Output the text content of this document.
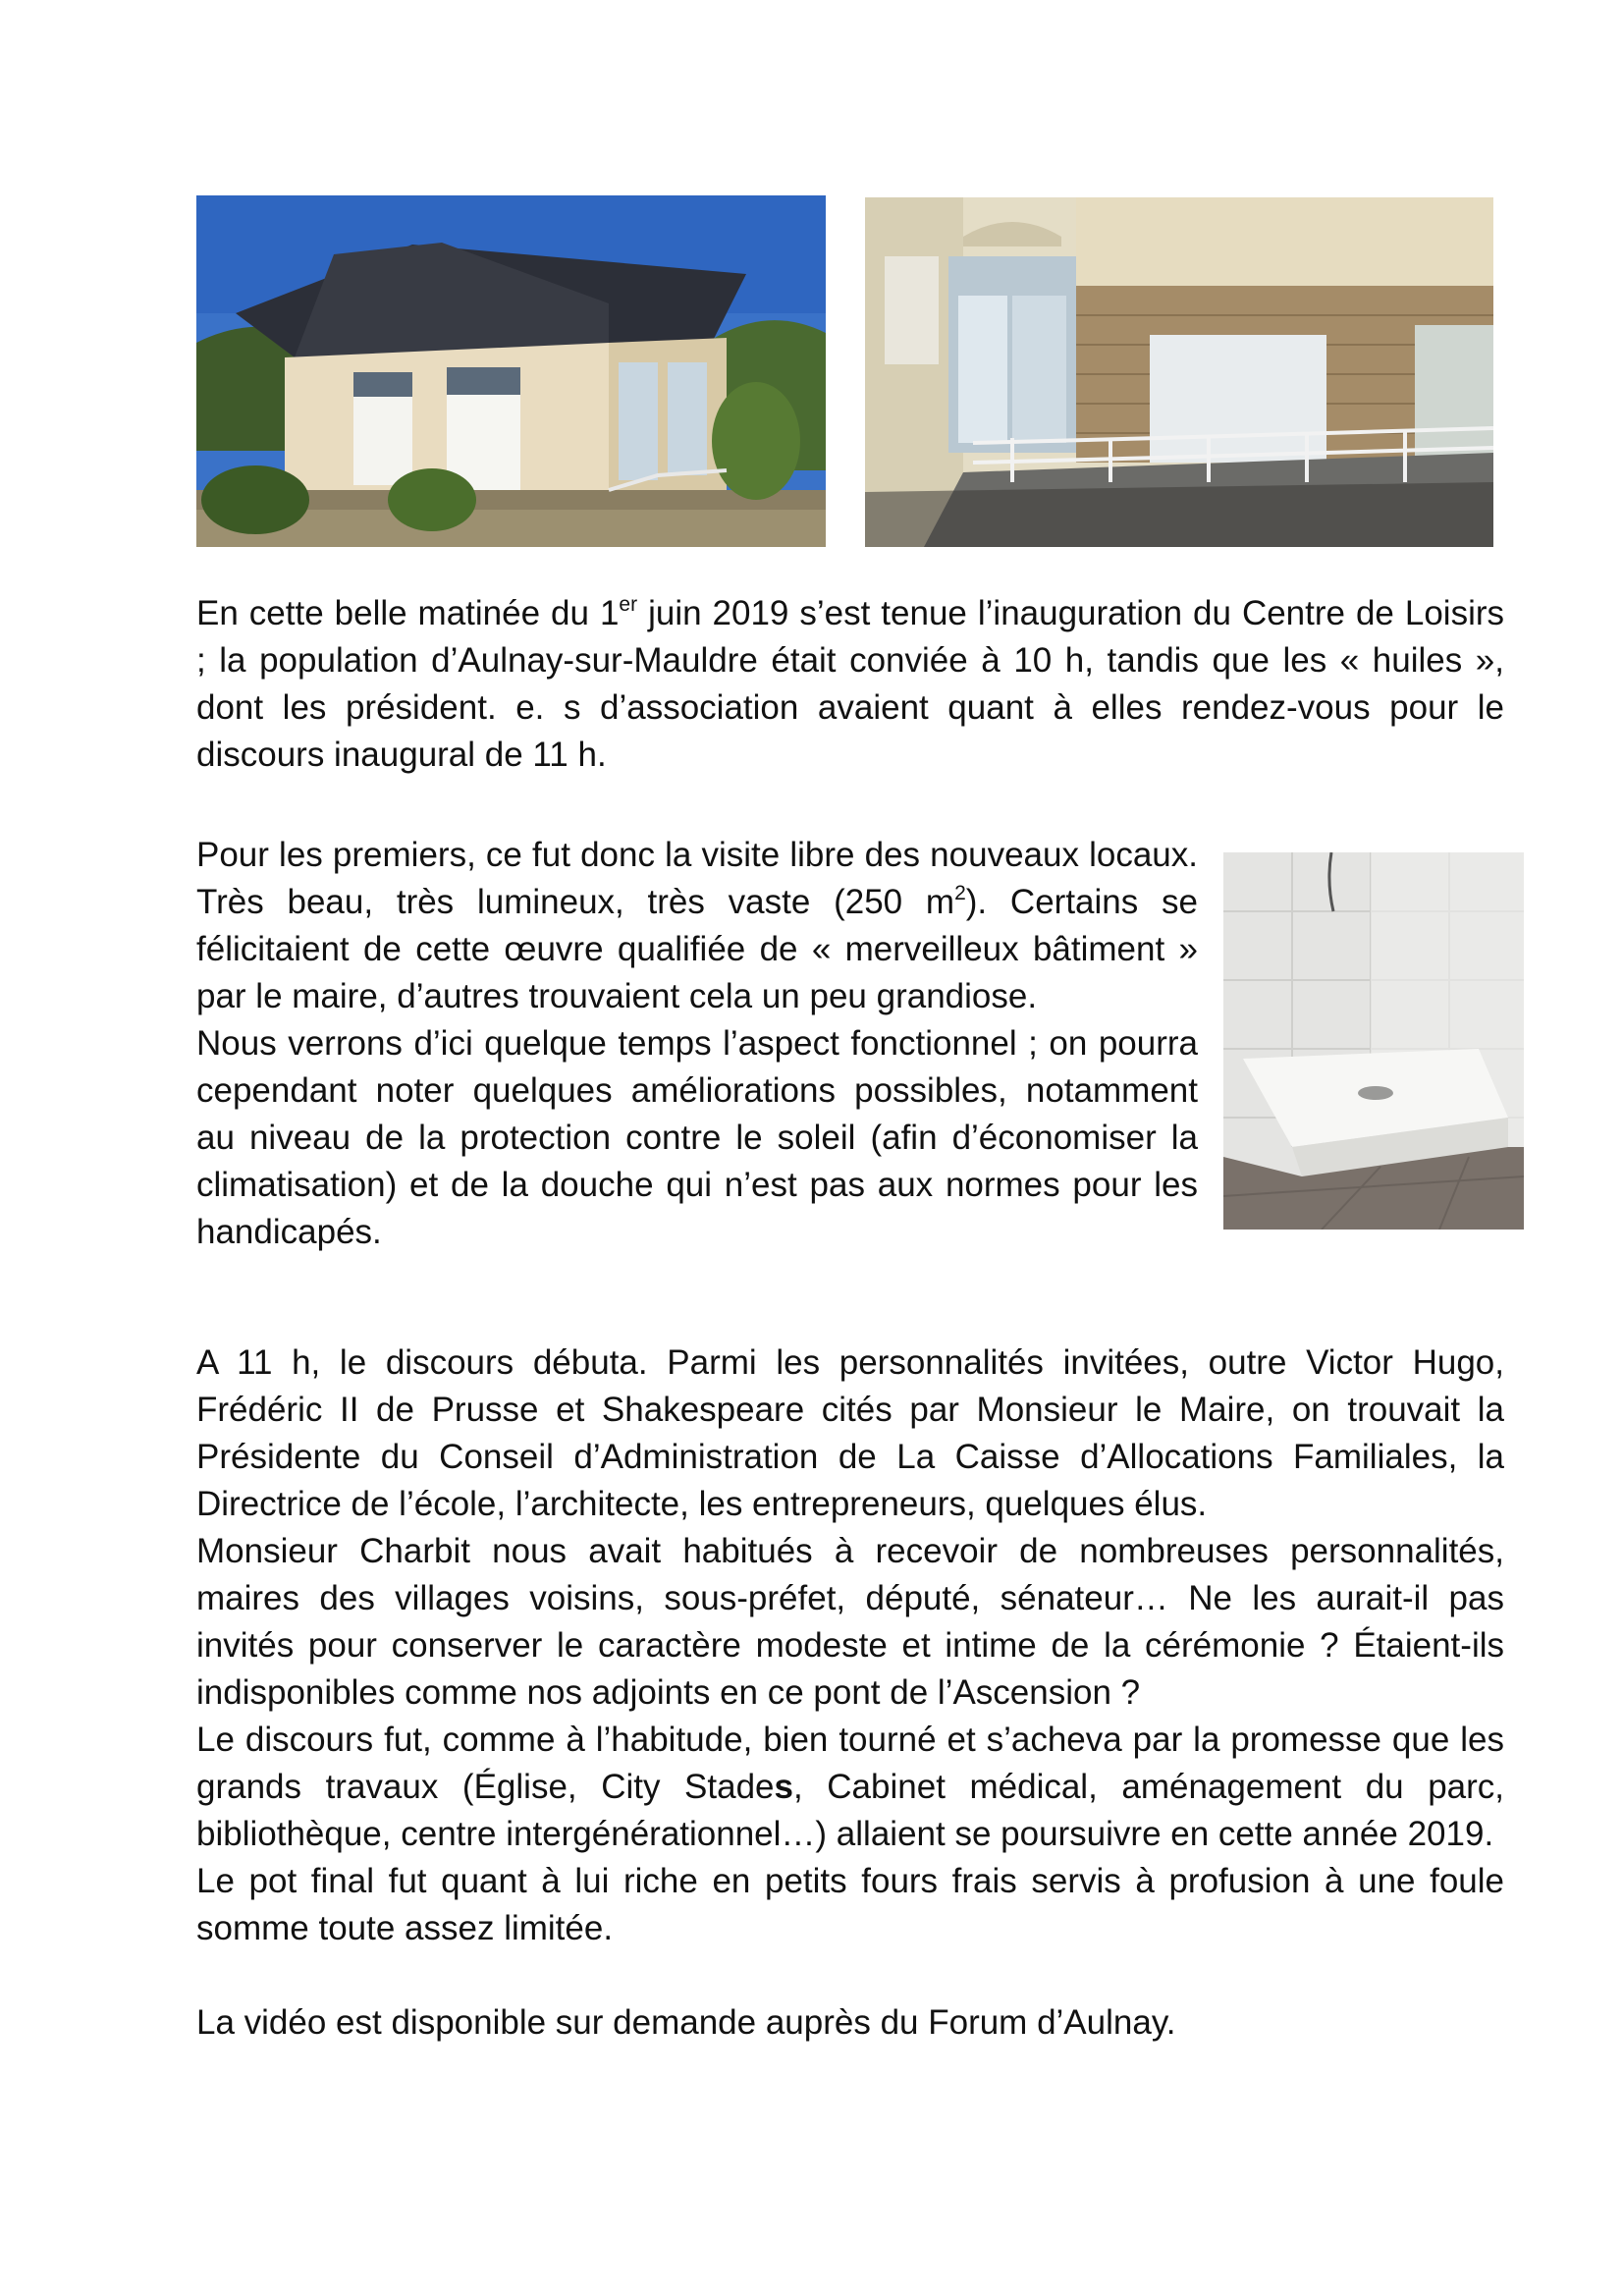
En cette belle matinée du 1er juin 2019 s’est tenue l’inauguration du Centre de Loisirs ; la population d’Aulnay-sur-Mauldre était conviée à 10 h, tandis que les « huiles », dont les président. e. s d’association avaient quant à elles rendez-vous pour le discours inaugural de 11 h.

Pour les premiers, ce fut donc la visite libre des nouveaux locaux. Très beau, très lumineux, très vaste (250 $m^2$). Certains se félicitaient de cette œuvre qualifiée de « merveilleux bâtiment » par le maire, d’autres trouvaient cela un peu grandiose.

Nous verrons d’ici quelque temps l’aspect fonctionnel ; on pourra cependant noter quelques améliorations possibles, notamment au niveau de la protection contre le soleil (afin d’économiser la climatisation) et de la douche qui n’est pas aux normes pour les handicapés.

A 11 h, le discours débuta. Parmi les personnalités invitées, outre Victor Hugo, Frédéric II de Prusse et Shakespeare cités par Monsieur le Maire, on trouvait la Présidente du Conseil d’Administration de La Caisse d’Allocations Familiales, la Directrice de l’école, l’architecte, les entrepreneurs, quelques élus.

Monsieur Charbit nous avait habitués à recevoir de nombreuses personnalités, maires des villages voisins, sous-préfet, député, sénateur… Ne les aurait-il pas invités pour conserver le caractère modeste et intime de la cérémonie ? Étaient-ils indisponibles comme nos adjoints en ce pont de l’Ascension ?

Le discours fut, comme à l’habitude, bien tourné et s’acheva par la promesse que les grands travaux (Église, City Stades, Cabinet médical, aménagement du parc, bibliothèque, centre intergénérationnel…) allaient se poursuivre en cette année 2019.

Le pot final fut quant à lui riche en petits fours frais servis à profusion à une foule somme toute assez limitée.

La vidéo est disponible sur demande auprès du Forum d’Aulnay.
